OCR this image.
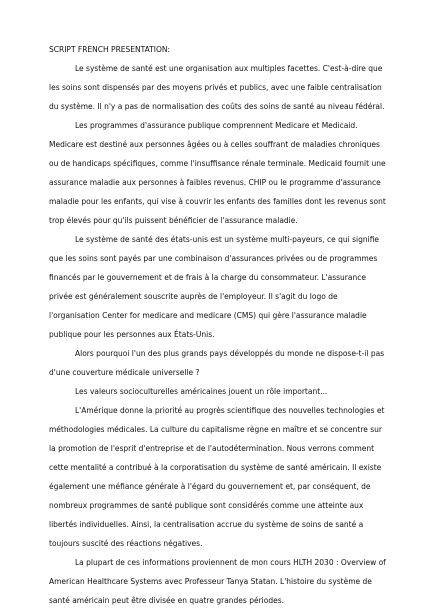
SCRIPT FRENCH PRESENTATION:

Le système de santé est une organisation aux multiples facettes. C'est-à-dire que les soins sont dispensés par des moyens privés et publics, avec une faible centralisation du système. Il n'y a pas de normalisation des coûts des soins de santé au niveau fédéral.

Les programmes d'assurance publique comprennent Medicare et Medicaid. Medicare est destiné aux personnes âgées ou à celles souffrant de maladies chroniques ou de handicaps spécifiques, comme l'insuffisance rénale terminale. Medicaid fournit une assurance maladie aux personnes à faibles revenus. CHIP ou le programme d'assurance maladie pour les enfants, qui vise à couvrir les enfants des familles dont les revenus sont trop élevés pour qu'ils puissent bénéficier de l'assurance maladie.

Le système de santé des états-unis est un système multi-payeurs, ce qui signifie que les soins sont payés par une combinaison d'assurances privées ou de programmes financés par le gouvernement et de frais à la charge du consommateur. L'assurance privée est généralement souscrite auprès de l'employeur. Il s'agit du logo de l'organisation Center for medicare and medicare (CMS) qui gère l'assurance maladie publique pour les personnes aux États-Unis.

Alors pourquoi l'un des plus grands pays développés du monde ne dispose-t-il pas d'une couverture médicale universelle ?

Les valeurs socioculturelles américaines jouent un rôle important...

L'Amérique donne la priorité au progrès scientifique des nouvelles technologies et méthodologies médicales. La culture du capitalisme règne en maître et se concentre sur la promotion de l'esprit d'entreprise et de l'autodétermination. Nous verrons comment cette mentalité a contribué à la corporatisation du système de santé américain. Il existe également une méfiance générale à l'égard du gouvernement et, par conséquent, de nombreux programmes de santé publique sont considérés comme une atteinte aux libertés individuelles. Ainsi, la centralisation accrue du système de soins de santé a toujours suscité des réactions négatives.

La plupart de ces informations proviennent de mon cours HLTH 2030 : Overview of American Healthcare Systems avec Professeur Tanya Statan. L'histoire du système de santé américain peut être divisée en quatre grandes périodes.
